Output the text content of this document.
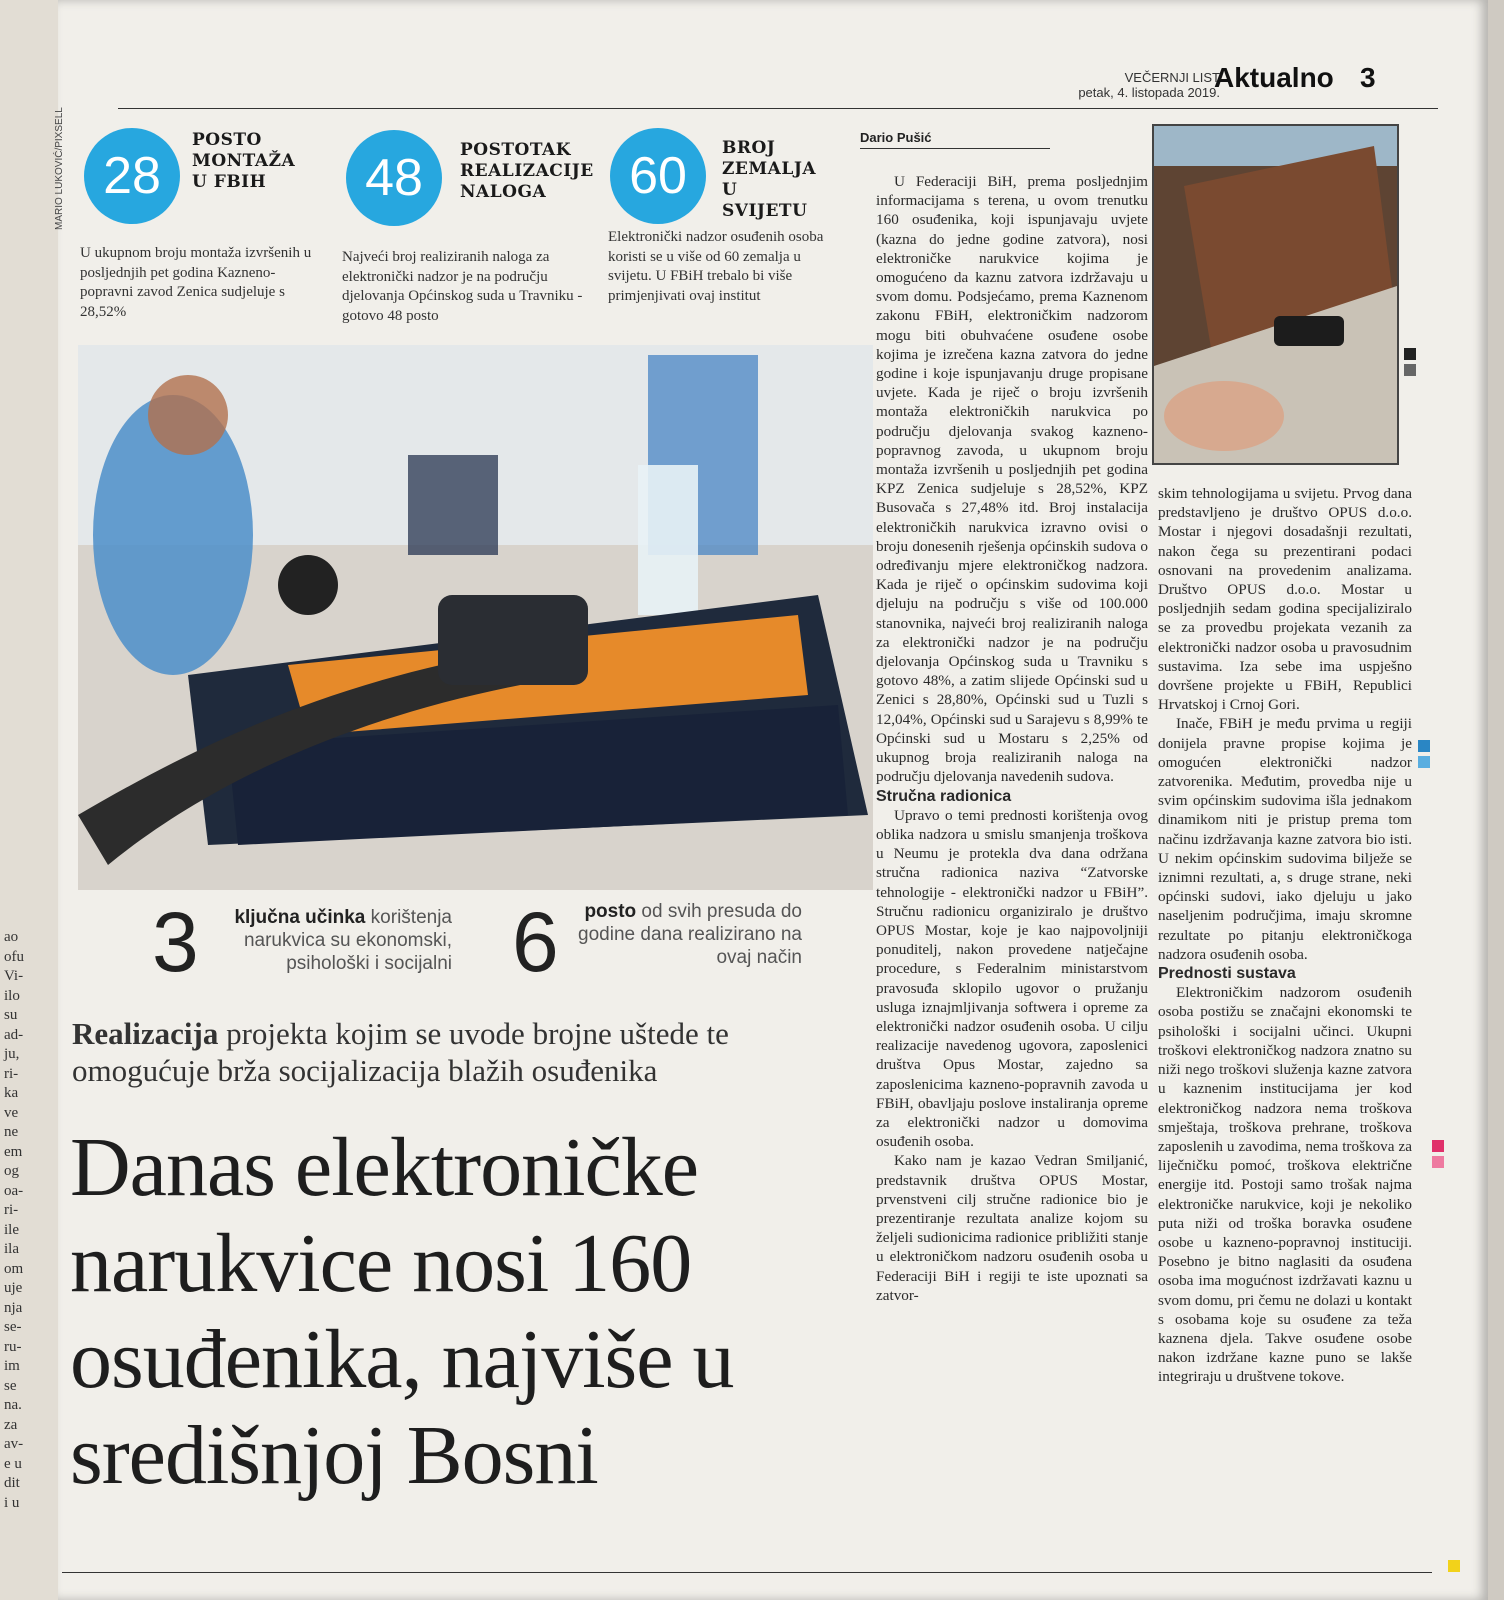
ao
ofu
Vi-
ilo
su
ad-
ju,
ri-
ka
ve
ne
em
og
oa-
ri-
ile
ila
om
uje
nja
se-
ru-
im
se
na.
za
av-
e u
dit
i u
MARIO LUKOVIĆ/PIXSELL
VEČERNJI LIST
petak, 4. listopada 2019.
Aktualno 3
28
POSTO
MONTAŽA
U FBIH
U ukupnom broju montaža izvršenih u posljednjih pet godina Kazneno-popravni zavod Zenica sudjeluje s 28,52%
48	POSTOTAK
REALIZACIJE
NALOGA
Najveći broj realiziranih naloga za elektronički nadzor je na području djelovanja Općinskog suda u Travniku - gotovo 48 posto
60	BROJ
ZEMALJA U
SVIJETU
Elektronički nadzor osuđenih osoba koristi se u više od 60 zemalja u svijetu. U FBiH trebalo bi više primjenjivati ovaj institut
Dario Pušić
3	ključna učinka korištenja narukvica su ekonomski, psihološki i socijalni 6	posto od svih presuda do godine dana realizirano na ovaj način
Realizacija projekta kojim se uvode brojne uštede te omogućuje brža socijalizacija blažih osuđenika
Danas elektroničke narukvice nosi 160 osuđenika, najviše u središnjoj Bosni

U Federaciji BiH, prema posljednjim informacijama s terena, u ovom trenutku 160 osuđenika, koji ispunjavaju uvjete (kazna do jedne godine zatvora), nosi elektroničke narukvice kojima je omogućeno da kaznu zatvora izdržavaju u svom domu. Podsjećamo, prema Kaznenom zakonu FBiH, elektroničkim nadzorom mogu biti obuhvaćene osuđene osobe kojima je izrečena kazna zatvora do jedne godine i koje ispunjavanju druge propisane uvjete. Kada je riječ o broju izvršenih montaža elektroničkih narukvica po području djelovanja svakog kazneno-popravnog zavoda, u ukupnom broju montaža izvršenih u posljednjih pet godina KPZ Zenica sudjeluje s 28,52%, KPZ Busovača s 27,48% itd. Broj instalacija elektroničkih narukvica izravno ovisi o broju donesenih rješenja općinskih sudova o određivanju mjere elektroničkog nadzora. Kada je riječ o općinskim sudovima koji djeluju na području s više od 100.000 stanovnika, najveći broj realiziranih naloga za elektronički nadzor je na području djelovanja Općinskog suda u Travniku s gotovo 48%, a zatim slijede Općinski sud u Zenici s 28,80%, Općinski sud u Tuzli s 12,04%, Općinski sud u Sarajevu s 8,99% te Općinski sud u Mostaru s 2,25% od ukupnog broja realiziranih naloga na području djelovanja navedenih sudova.

Stručna radionica

Upravo o temi prednosti korištenja ovog oblika nadzora u smislu smanjenja troškova u Neumu je protekla dva dana održana stručna radionica naziva “Zatvorske tehnologije - elektronički nadzor u FBiH”. Stručnu radionicu organiziralo je društvo OPUS Mostar, koje je kao najpovoljniji ponuditelj, nakon provedene natječajne procedure, s Federalnim ministarstvom pravosuđa sklopilo ugovor o pružanju usluga iznajmljivanja softwera i opreme za elektronički nadzor osuđenih osoba. U cilju realizacije navedenog ugovora, zaposlenici društva Opus Mostar, zajedno sa zaposlenicima kazneno-popravnih zavoda u FBiH, obavljaju poslove instaliranja opreme za elektronički nadzor u domovima osuđenih osoba.

Kako nam je kazao Vedran Smiljanić, predstavnik društva OPUS Mostar, prvenstveni cilj stručne radionice bio je prezentiranje rezultata analize kojom su željeli sudionicima radionice približiti stanje u elektroničkom nadzoru osuđenih osoba u Federaciji BiH i regiji te iste upoznati sa zatvor-

skim tehnologijama u svijetu. Prvog dana predstavljeno je društvo OPUS d.o.o. Mostar i njegovi dosadašnji rezultati, nakon čega su prezentirani podaci osnovani na provedenim analizama. Društvo OPUS d.o.o. Mostar u posljednjih sedam godina specijaliziralo se za provedbu projekata vezanih za elektronički nadzor osoba u pravosudnim sustavima. Iza sebe ima uspješno dovršene projekte u FBiH, Republici Hrvatskoj i Crnoj Gori.

Inače, FBiH je među prvima u regiji donijela pravne propise kojima je omogućen elektronički nadzor zatvorenika. Međutim, provedba nije u svim općinskim sudovima išla jednakom dinamikom niti je pristup prema tom načinu izdržavanja kazne zatvora bio isti. U nekim općinskim sudovima bilježe se iznimni rezultati, a, s druge strane, neki općinski sudovi, iako djeluju u jako naseljenim područjima, imaju skromne rezultate po pitanju elektroničkoga nadzora osuđenih osoba.

Prednosti sustava

Elektroničkim nadzorom osuđenih osoba postižu se značajni ekonomski te psihološki i socijalni učinci. Ukupni troškovi elektroničkog nadzora znatno su niži nego troškovi služenja kazne zatvora u kaznenim institucijama jer kod elektroničkog nadzora nema troškova smještaja, troškova prehrane, troškova zaposlenih u zavodima, nema troškova za liječničku pomoć, troškova električne energije itd. Postoji samo trošak najma elektroničke narukvice, koji je nekoliko puta niži od troška boravka osuđene osobe u kazneno-popravnoj instituciji. Posebno je bitno naglasiti da osuđena osoba ima mogućnost izdržavati kaznu u svom domu, pri čemu ne dolazi u kontakt s osobama koje su osuđene za teža kaznena djela. Takve osuđene osobe nakon izdržane kazne puno se lakše integriraju u društvene tokove.
